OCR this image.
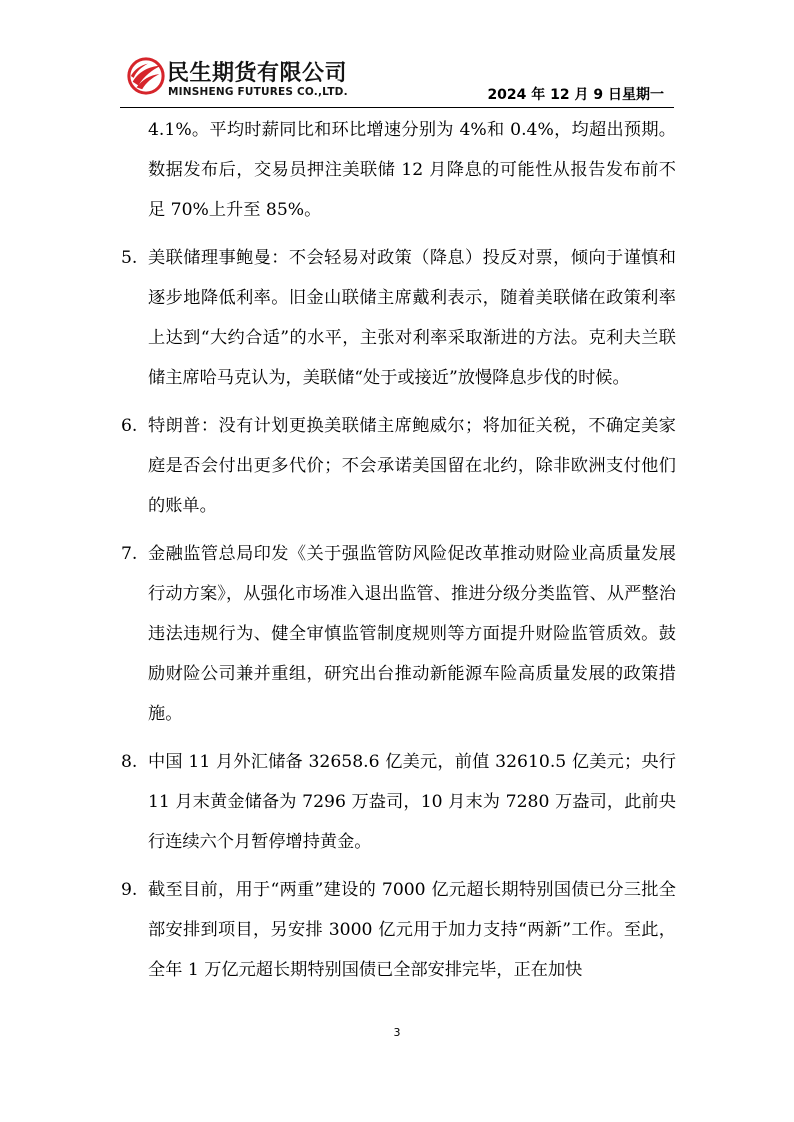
民生期货有限公司
MINSHENG FUTURES CO.,LTD.	2024 年 12 月 9 日星期一

4.1%。平均时薪同比和环比增速分别为 4%和 0.4%，均超出预期。数据发布后，交易员押注美联储 12 月降息的可能性从报告发布前不足 70%上升至 85%。

5. 美联储理事鲍曼：不会轻易对政策（降息）投反对票，倾向于谨慎和逐步地降低利率。旧金山联储主席戴利表示，随着美联储在政策利率上达到“大约合适”的水平，主张对利率采取渐进的方法。克利夫兰联储主席哈马克认为，美联储“处于或接近”放慢降息步伐的时候。
6. 特朗普：没有计划更换美联储主席鲍威尔；将加征关税，不确定美家庭是否会付出更多代价；不会承诺美国留在北约，除非欧洲支付他们的账单。
7. 金融监管总局印发《关于强监管防风险促改革推动财险业高质量发展行动方案》，从强化市场准入退出监管、推进分级分类监管、从严整治违法违规行为、健全审慎监管制度规则等方面提升财险监管质效。鼓励财险公司兼并重组，研究出台推动新能源车险高质量发展的政策措施。
8. 中国 11 月外汇储备 32658.6 亿美元，前值 32610.5 亿美元；央行 11 月末黄金储备为 7296 万盎司，10 月末为 7280 万盎司，此前央行连续六个月暂停增持黄金。
9. 截至目前，用于“两重”建设的 7000 亿元超长期特别国债已分三批全部安排到项目，另安排 3000 亿元用于加力支持“两新”工作。至此，全年 1 万亿元超长期特别国债已全部安排完毕，正在加快
3
